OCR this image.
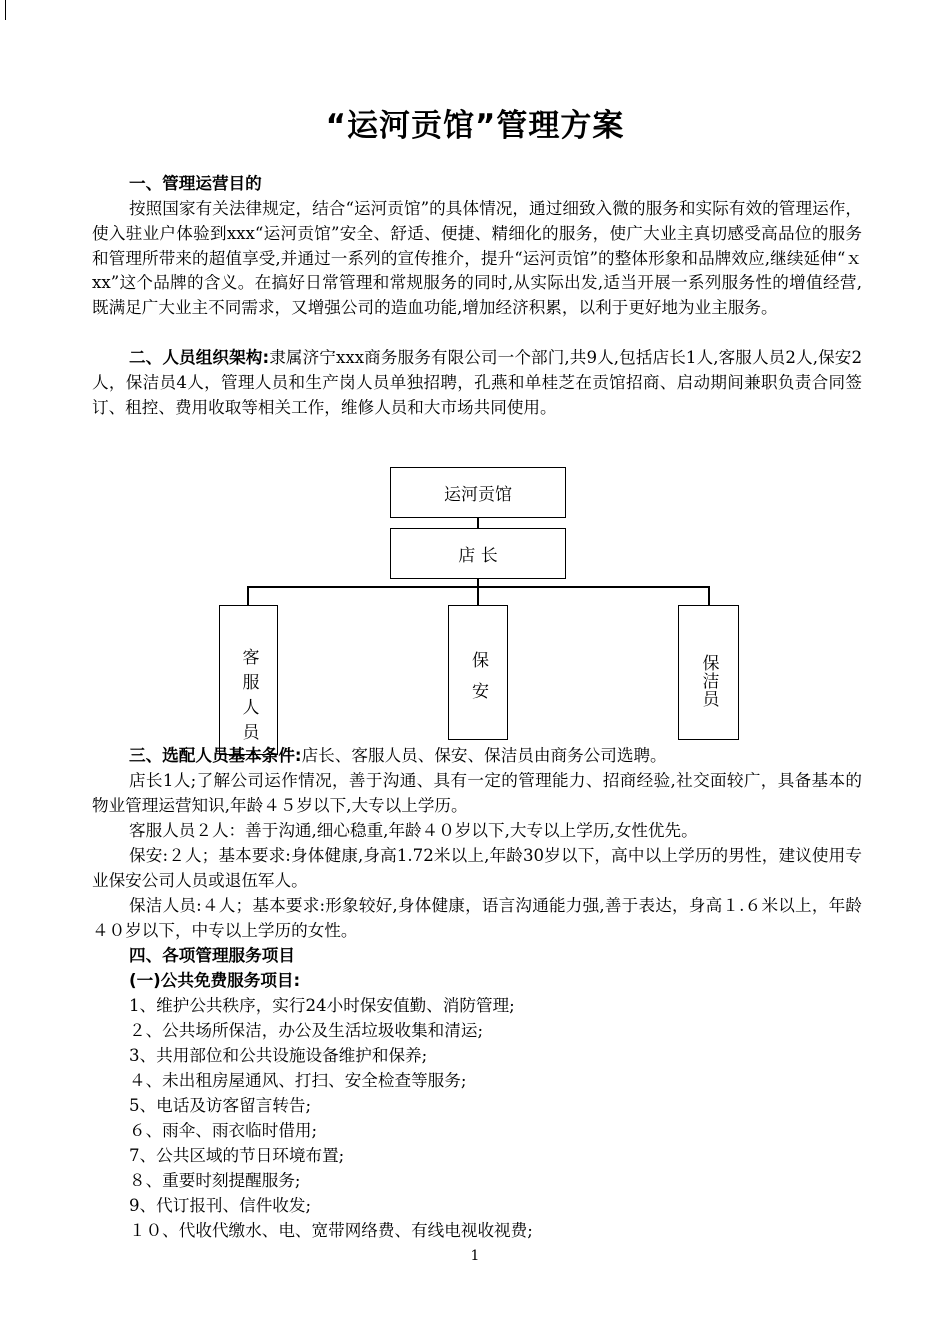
“运河贡馆”管理方案

一、管理运营目的

按照国家有关法律规定，结合“运河贡馆”的具体情况，通过细致入微的服务和实际有效的管理运作，使入驻业户体验到xxx“运河贡馆”安全、舒适、便捷、精细化的服务，使广大业主真切感受高品位的服务和管理所带来的超值享受,并通过一系列的宣传推介，提升“运河贡馆”的整体形象和品牌效应,继续延伸“ｘ xx”这个品牌的含义。在搞好日常管理和常规服务的同时,从实际出发,适当开展一系列服务性的增值经营,既满足广大业主不同需求，又增强公司的造血功能,增加经济积累，以利于更好地为业主服务。

二、人员组织架构:隶属济宁xxx商务服务有限公司一个部门,共9人,包括店长1人,客服人员2人,保安2人，保洁员4人，管理人员和生产岗人员单独招聘，孔燕和单桂芝在贡馆招商、启动期间兼职负责合同签订、租控、费用收取等相关工作，维修人员和大市场共同使用。

运河贡馆
店 长
客服人员	保安	保洁员

三、选配人员基本条件:店长、客服人员、保安、保洁员由商务公司选聘。

店长1人;了解公司运作情况，善于沟通、具有一定的管理能力、招商经验,社交面较广，具备基本的物业管理运营知识,年龄４５岁以下,大专以上学历。

客服人员２人：善于沟通,细心稳重,年龄４０岁以下,大专以上学历,女性优先。

保安:２人；基本要求:身体健康,身高1.72米以上,年龄30岁以下，高中以上学历的男性，建议使用专业保安公司人员或退伍军人。

保洁人员:４人；基本要求:形象较好,身体健康，语言沟通能力强,善于表达，身高１.６米以上，年龄４０岁以下，中专以上学历的女性。

四、各项管理服务项目

(一)公共免费服务项目:

1、维护公共秩序，实行24小时保安值勤、消防管理;

２、公共场所保洁，办公及生活垃圾收集和清运;

3、共用部位和公共设施设备维护和保养;

４、未出租房屋通风、打扫、安全检查等服务;

5、电话及访客留言转告;

６、雨伞、雨衣临时借用;

7、公共区域的节日环境布置;

８、重要时刻提醒服务;

9、代订报刊、信件收发;

１０、代收代缴水、电、宽带网络费、有线电视收视费;

1
